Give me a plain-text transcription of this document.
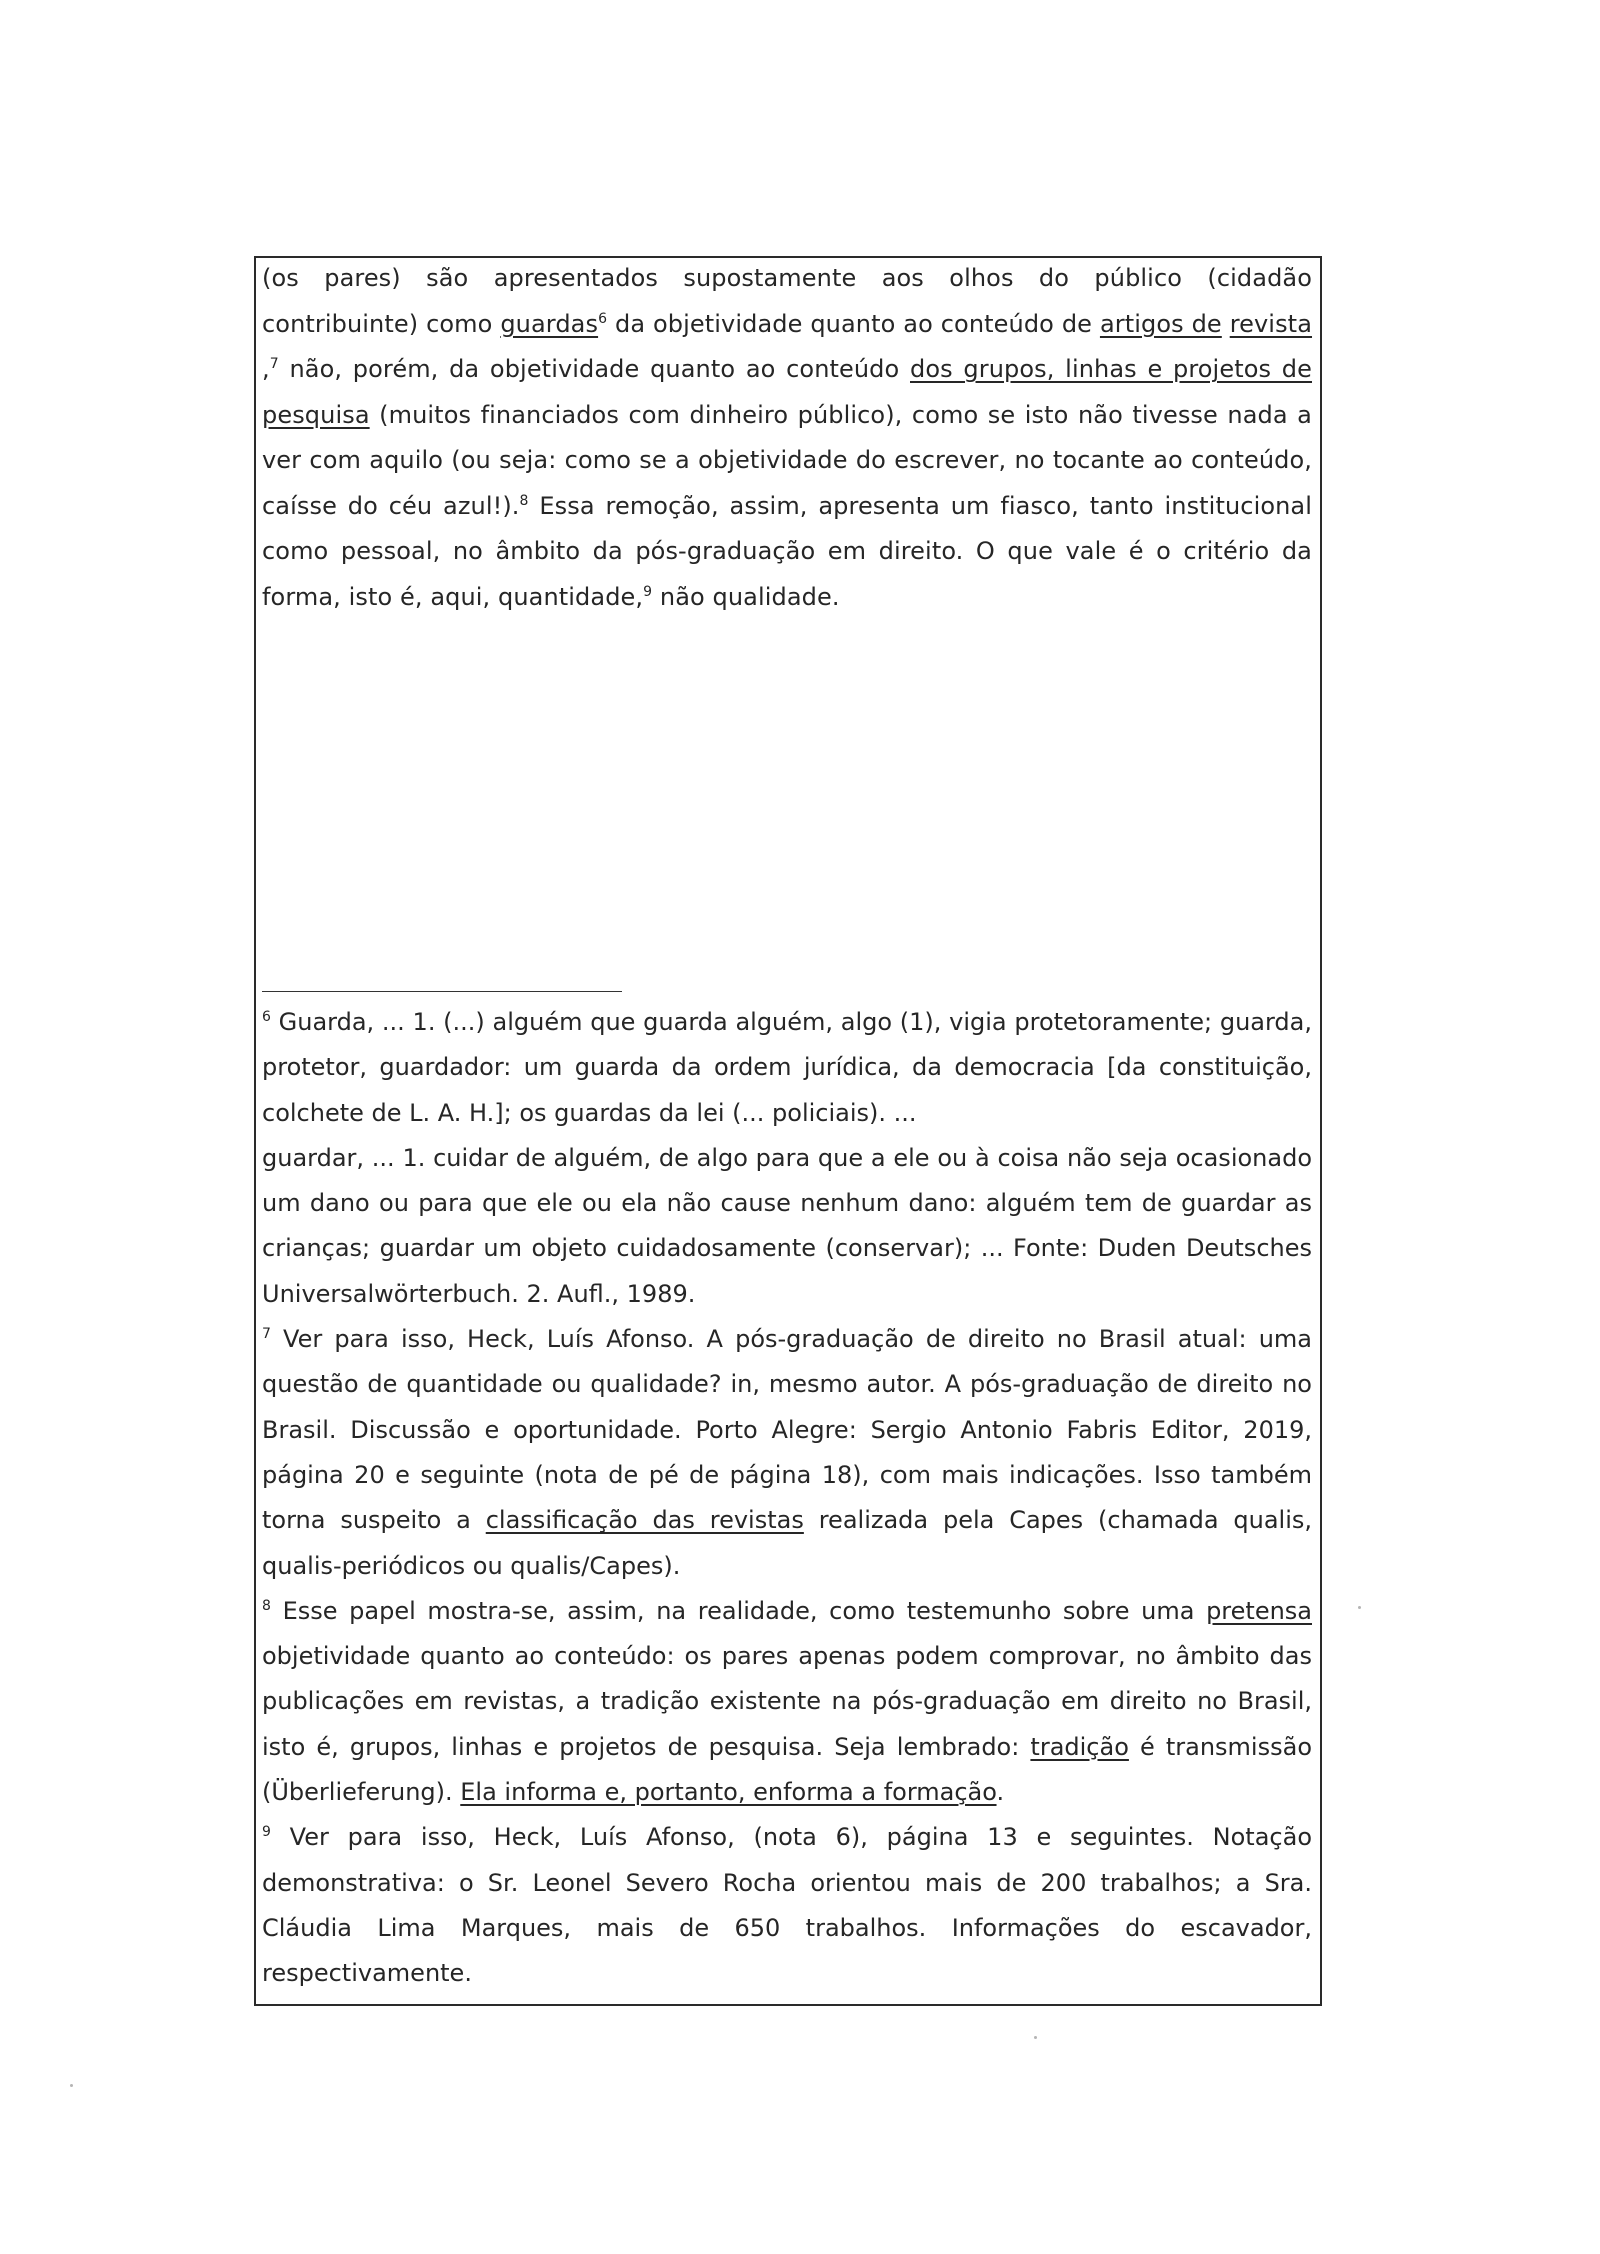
(os pares) são apresentados supostamente aos olhos do público (cidadão contribuinte) como guardas$^6$ da objetividade quanto ao conteúdo de artigos de revista ,$^7$ não, porém, da objetividade quanto ao conteúdo dos grupos, linhas e projetos de pesquisa (muitos financiados com dinheiro público), como se isto não tivesse nada a ver com aquilo (ou seja: como se a objetividade do escrever, no tocante ao conteúdo, caísse do céu azul!).$^8$ Essa remoção, assim, apresenta um fiasco, tanto institucional como pessoal, no âmbito da pós-graduação em direito. O que vale é o critério da forma, isto é, aqui, quantidade,$^9$ não qualidade.

$^6$ Guarda, ... 1. (...) alguém que guarda alguém, algo (1), vigia protetoramente; guarda, protetor, guardador: um guarda da ordem jurídica, da democracia [da constituição, colchete de L. A. H.]; os guardas da lei (... policiais). ...

guardar, ... 1. cuidar de alguém, de algo para que a ele ou à coisa não seja ocasionado um dano ou para que ele ou ela não cause nenhum dano: alguém tem de guardar as crianças; guardar um objeto cuidadosamente (conservar); ... Fonte: Duden Deutsches Universalwörterbuch. 2. Aufl., 1989.

$^7$ Ver para isso, Heck, Luís Afonso. A pós-graduação de direito no Brasil atual: uma questão de quantidade ou qualidade? in, mesmo autor. A pós-graduação de direito no Brasil. Discussão e oportunidade. Porto Alegre: Sergio Antonio Fabris Editor, 2019, página 20 e seguinte (nota de pé de página 18), com mais indicações. Isso também torna suspeito a classificação das revistas realizada pela Capes (chamada qualis, qualis-periódicos ou qualis/Capes).

$^8$ Esse papel mostra-se, assim, na realidade, como testemunho sobre uma pretensa objetividade quanto ao conteúdo: os pares apenas podem comprovar, no âmbito das publicações em revistas, a tradição existente na pós-graduação em direito no Brasil, isto é, grupos, linhas e projetos de pesquisa. Seja lembrado: tradição é transmissão (Überlieferung). Ela informa e, portanto, enforma a formação.

$^9$ Ver para isso, Heck, Luís Afonso, (nota 6), página 13 e seguintes. Notação demonstrativa: o Sr. Leonel Severo Rocha orientou mais de 200 trabalhos; a Sra. Cláudia Lima Marques, mais de 650 trabalhos. Informações do escavador, respectivamente.
